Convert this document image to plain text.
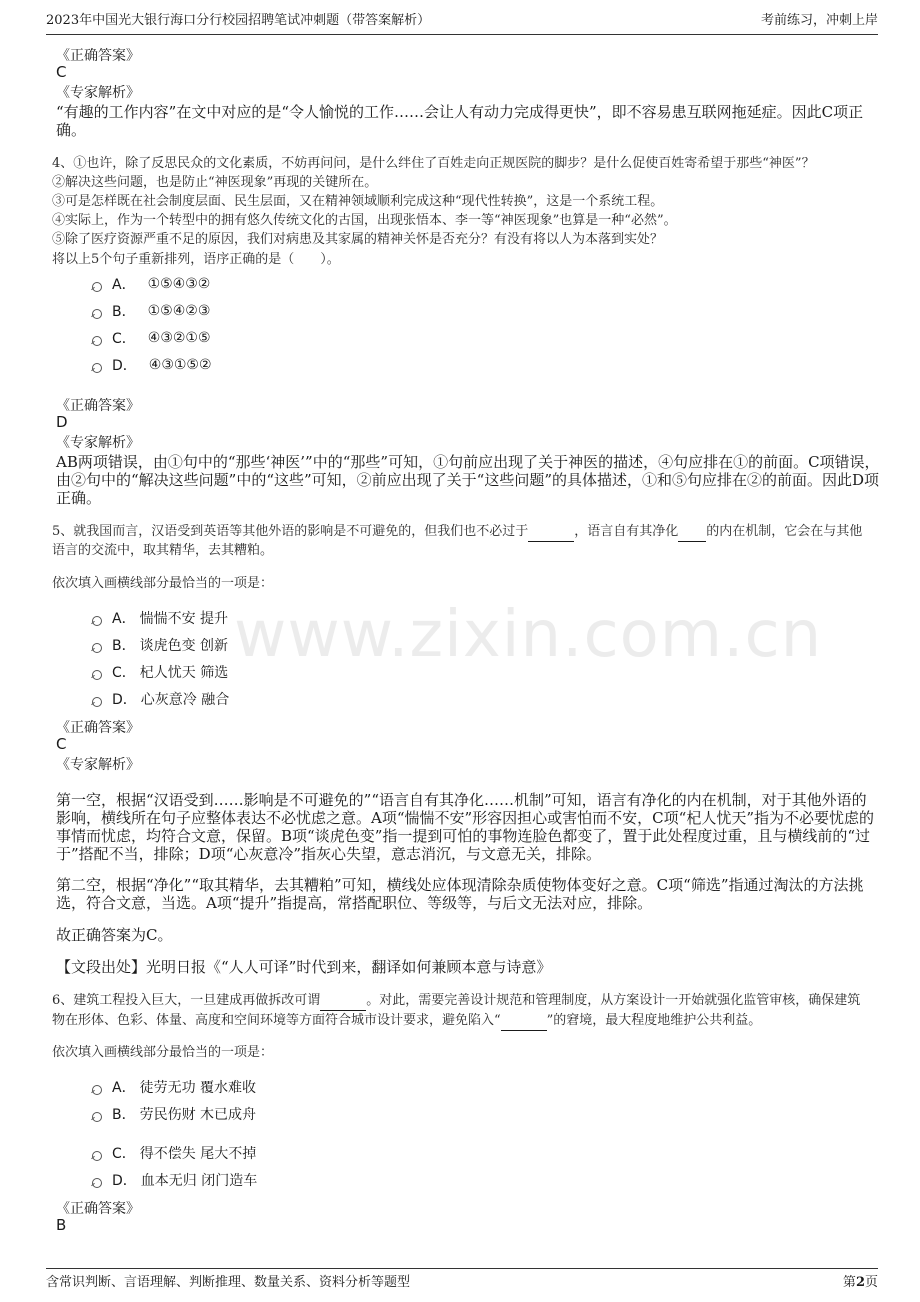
2023年中国光大银行海口分行校园招聘笔试冲刺题（带答案解析）	考前练习，冲刺上岸
www.zixin.com.cn
《正确答案》
C
《专家解析》
“有趣的工作内容”在文中对应的是“令人愉悦的工作……会让人有动力完成得更快”，即不容易患互联网拖延症。因此C项正
确。
4、①也许，除了反思民众的文化素质，不妨再问问，是什么绊住了百姓走向正规医院的脚步？是什么促使百姓寄希望于那些“神医”？
②解决这些问题，也是防止“神医现象”再现的关键所在。
③可是怎样既在社会制度层面、民生层面，又在精神领域顺利完成这种“现代性转换”，这是一个系统工程。
④实际上，作为一个转型中的拥有悠久传统文化的古国，出现张悟本、李一等“神医现象”也算是一种“必然”。
⑤除了医疗资源严重不足的原因，我们对病患及其家属的精神关怀是否充分？有没有将以人为本落到实处？
将以上5个句子重新排列，语序正确的是（　　）。
A． ①⑤④③②
B． ①⑤④②③
C． ④③②①⑤
D． ④③①⑤②
《正确答案》
D
《专家解析》
AB两项错误，由①句中的“那些‘神医’”中的“那些”可知，①句前应出现了关于神医的描述，④句应排在①的前面。C项错误，
由②句中的“解决这些问题”中的“这些”可知，②前应出现了关于“这些问题”的具体描述，①和⑤句应排在②的前面。因此D项
正确。
5、就我国而言，汉语受到英语等其他外语的影响是不可避免的，但我们也不必过于	，语言自有其净化 的内在机制，它会在与其他
语言的交流中，取其精华，去其糟粕。
依次填入画横线部分最恰当的一项是：
A． 惴惴不安 提升
B． 谈虎色变 创新
C． 杞人忧天 筛选
D． 心灰意冷 融合
《正确答案》
C
《专家解析》
第一空，根据“汉语受到……影响是不可避免的”“语言自有其净化……机制”可知，语言有净化的内在机制，对于其他外语的
影响，横线所在句子应整体表达不必忧虑之意。A项“惴惴不安”形容因担心或害怕而不安，C项“杞人忧天”指为不必要忧虑的
事情而忧虑，均符合文意，保留。B项“谈虎色变”指一提到可怕的事物连脸色都变了，置于此处程度过重，且与横线前的“过
于”搭配不当，排除；D项“心灰意冷”指灰心失望，意志消沉，与文意无关，排除。
第二空，根据“净化”“取其精华，去其糟粕”可知，横线处应体现清除杂质使物体变好之意。C项“筛选”指通过淘汰的方法挑
选，符合文意，当选。A项“提升”指提高，常搭配职位、等级等，与后文无法对应，排除。
故正确答案为C。
【文段出处】光明日报《“人人可译”时代到来，翻译如何兼顾本意与诗意》
6、建筑工程投入巨大，一旦建成再做拆改可谓	。对此，需要完善设计规范和管理制度，从方案设计一开始就强化监管审核，确保建筑
物在形体、色彩、体量、高度和空间环境等方面符合城市设计要求，避免陷入“	”的窘境，最大程度地维护公共利益。
依次填入画横线部分最恰当的一项是：
A． 徒劳无功 覆水难收
B． 劳民伤财 木已成舟
C． 得不偿失 尾大不掉
D． 血本无归 闭门造车
《正确答案》
B
含常识判断、言语理解、判断推理、数量关系、资料分析等题型	第2页
